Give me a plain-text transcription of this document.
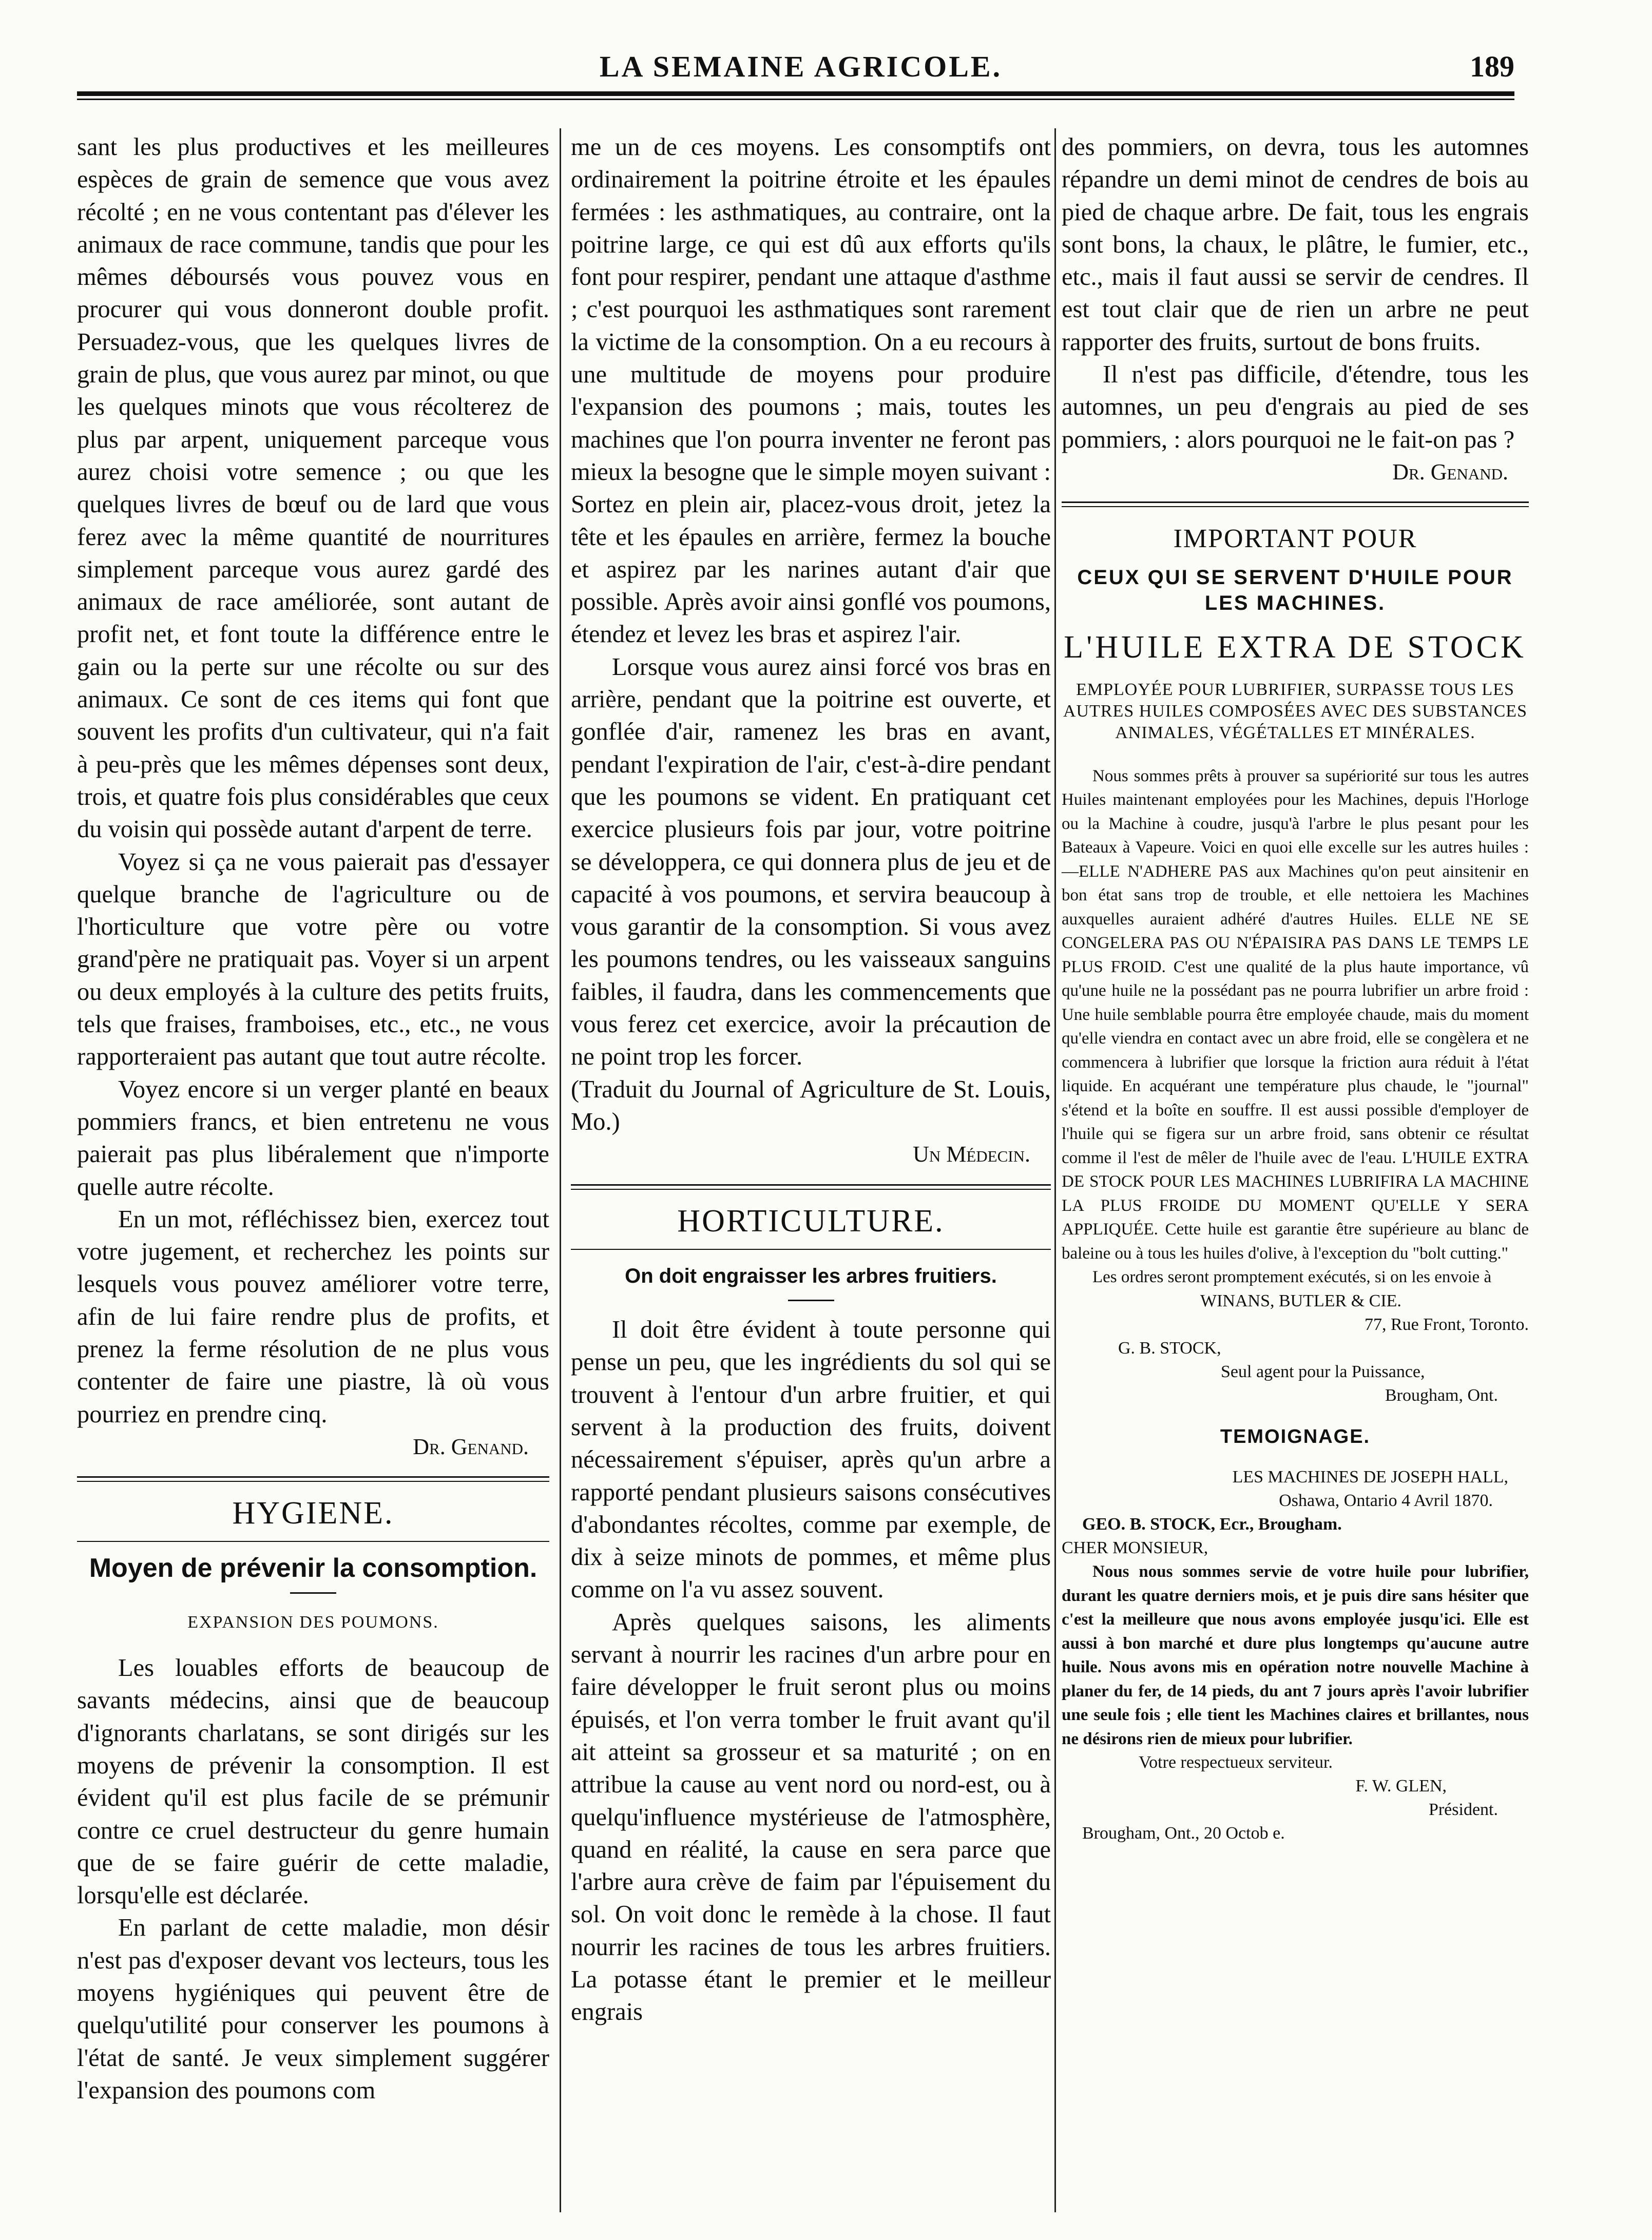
LA SEMAINE AGRICOLE.	189

sant les plus productives et les meilleures espèces de grain de semence que vous avez récolté ; en ne vous contentant pas d'élever les animaux de race commune, tandis que pour les mêmes déboursés vous pouvez vous en procurer qui vous donneront double profit. Persuadez-vous, que les quelques livres de grain de plus, que vous aurez par minot, ou que les quelques minots que vous récolterez de plus par arpent, uniquement parceque vous aurez choisi votre semence ; ou que les quelques livres de bœuf ou de lard que vous ferez avec la même quantité de nourritures simplement parceque vous aurez gardé des animaux de race améliorée, sont autant de profit net, et font toute la différence entre le gain ou la perte sur une récolte ou sur des animaux. Ce sont de ces items qui font que souvent les profits d'un cultivateur, qui n'a fait à peu-près que les mêmes dépenses sont deux, trois, et quatre fois plus considérables que ceux du voisin qui possède autant d'arpent de terre.

Voyez si ça ne vous paierait pas d'essayer quelque branche de l'agriculture ou de l'horticulture que votre père ou votre grand'père ne pratiquait pas. Voyer si un arpent ou deux employés à la culture des petits fruits, tels que fraises, framboises, etc., etc., ne vous rapporteraient pas autant que tout autre récolte.

Voyez encore si un verger planté en beaux pommiers francs, et bien entretenu ne vous paierait pas plus libéralement que n'importe quelle autre récolte.

En un mot, réfléchissez bien, exercez tout votre jugement, et recherchez les points sur lesquels vous pouvez améliorer votre terre, afin de lui faire rendre plus de profits, et prenez la ferme résolution de ne plus vous contenter de faire une piastre, là où vous pourriez en prendre cinq.

Dr. Genand.
HYGIENE.
Moyen de prévenir la consomption.
EXPANSION DES POUMONS.

Les louables efforts de beaucoup de savants médecins, ainsi que de beaucoup d'ignorants charlatans, se sont dirigés sur les moyens de prévenir la consomption. Il est évident qu'il est plus facile de se prémunir contre ce cruel destructeur du genre humain que de se faire guérir de cette maladie, lorsqu'elle est déclarée.

En parlant de cette maladie, mon désir n'est pas d'exposer devant vos lecteurs, tous les moyens hygiéniques qui peuvent être de quelqu'utilité pour conserver les poumons à l'état de santé. Je veux simplement suggérer l'expansion des poumons com

me un de ces moyens. Les consomptifs ont ordinairement la poitrine étroite et les épaules fermées : les asthmatiques, au contraire, ont la poitrine large, ce qui est dû aux efforts qu'ils font pour respirer, pendant une attaque d'asthme ; c'est pourquoi les asthmatiques sont rarement la victime de la consomption. On a eu recours à une multitude de moyens pour produire l'expansion des poumons ; mais, toutes les machines que l'on pourra inventer ne feront pas mieux la besogne que le simple moyen suivant : Sortez en plein air, placez-vous droit, jetez la tête et les épaules en arrière, fermez la bouche et aspirez par les narines autant d'air que possible. Après avoir ainsi gonflé vos poumons, étendez et levez les bras et aspirez l'air.

Lorsque vous aurez ainsi forcé vos bras en arrière, pendant que la poitrine est ouverte, et gonflée d'air, ramenez les bras en avant, pendant l'expiration de l'air, c'est-à-dire pendant que les poumons se vident. En pratiquant cet exercice plusieurs fois par jour, votre poitrine se développera, ce qui donnera plus de jeu et de capacité à vos poumons, et servira beaucoup à vous garantir de la consomption. Si vous avez les poumons tendres, ou les vaisseaux sanguins faibles, il faudra, dans les commencements que vous ferez cet exercice, avoir la précaution de ne point trop les forcer.

(Traduit du Journal of Agriculture de St. Louis, Mo.)

Un Médecin.
HORTICULTURE.
On doit engraisser les arbres fruitiers.

Il doit être évident à toute personne qui pense un peu, que les ingrédients du sol qui se trouvent à l'entour d'un arbre fruitier, et qui servent à la production des fruits, doivent nécessairement s'épuiser, après qu'un arbre a rapporté pendant plusieurs saisons consécutives d'abondantes récoltes, comme par exemple, de dix à seize minots de pommes, et même plus comme on l'a vu assez souvent.

Après quelques saisons, les aliments servant à nourrir les racines d'un arbre pour en faire développer le fruit seront plus ou moins épuisés, et l'on verra tomber le fruit avant qu'il ait atteint sa grosseur et sa maturité ; on en attribue la cause au vent nord ou nord-est, ou à quelqu'influence mystérieuse de l'atmosphère, quand en réalité, la cause en sera parce que l'arbre aura crève de faim par l'épuisement du sol. On voit donc le remède à la chose. Il faut nourrir les racines de tous les arbres fruitiers. La potasse étant le premier et le meilleur engrais

des pommiers, on devra, tous les automnes répandre un demi minot de cendres de bois au pied de chaque arbre. De fait, tous les engrais sont bons, la chaux, le plâtre, le fumier, etc., etc., mais il faut aussi se servir de cendres. Il est tout clair que de rien un arbre ne peut rapporter des fruits, surtout de bons fruits.

Il n'est pas difficile, d'étendre, tous les automnes, un peu d'engrais au pied de ses pommiers, : alors pourquoi ne le fait-on pas ?

Dr. Genand.
IMPORTANT POUR
CEUX QUI SE SERVENT D'HUILE POUR LES MACHINES.
L'HUILE EXTRA DE STOCK
EMPLOYÉE POUR LUBRIFIER, SURPASSE TOUS LES AUTRES HUILES COMPOSÉES AVEC DES SUBSTANCES ANIMALES, VÉGÉTALLES ET MINÉRALES.
Nous sommes prêts à prouver sa supériorité sur tous les autres Huiles maintenant employées pour les Machines, depuis l'Horloge ou la Machine à coudre, jusqu'à l'arbre le plus pesant pour les Bateaux à Vapeure. Voici en quoi elle excelle sur les autres huiles : —ELLE N'ADHERE PAS aux Machines qu'on peut ainsitenir en bon état sans trop de trouble, et elle nettoiera les Machines auxquelles auraient adhéré d'autres Huiles. ELLE NE SE CONGELERA PAS OU N'ÉPAISIRA PAS DANS LE TEMPS LE PLUS FROID. C'est une qualité de la plus haute importance, vû qu'une huile ne la possédant pas ne pourra lubrifier un arbre froid : Une huile semblable pourra être employée chaude, mais du moment qu'elle viendra en contact avec un abre froid, elle se congèlera et ne commencera à lubrifier que lorsque la friction aura réduit à l'état liquide. En acquérant une température plus chaude, le "journal" s'étend et la boîte en souffre. Il est aussi possible d'employer de l'huile qui se figera sur un arbre froid, sans obtenir ce résultat comme il l'est de mêler de l'huile avec de l'eau. L'HUILE EXTRA DE STOCK POUR LES MACHINES LUBRIFIRA LA MACHINE LA PLUS FROIDE DU MOMENT QU'ELLE Y SERA APPLIQUÉE. Cette huile est garantie être supérieure au blanc de baleine ou à tous les huiles d'olive, à l'exception du "bolt cutting."
Les ordres seront promptement exécutés, si on les envoie à
WINANS, BUTLER & CIE.
77, Rue Front, Toronto.
G. B. STOCK,
Seul agent pour la Puissance,
Brougham, Ont.
TEMOIGNAGE.
LES MACHINES DE JOSEPH HALL,
Oshawa, Ontario 4 Avril 1870.
GEO. B. STOCK, Ecr., Brougham.
CHER MONSIEUR,
Nous nous sommes servie de votre huile pour lubrifier, durant les quatre derniers mois, et je puis dire sans hésiter que c'est la meilleure que nous avons employée jusqu'ici. Elle est aussi à bon marché et dure plus longtemps qu'aucune autre huile. Nous avons mis en opération notre nouvelle Machine à planer du fer, de 14 pieds, du ant 7 jours après l'avoir lubrifier une seule fois ; elle tient les Machines claires et brillantes, nous ne désirons rien de mieux pour lubrifier.
Votre respectueux serviteur.
F. W. GLEN,
Président.
Brougham, Ont., 20 Octob e.
